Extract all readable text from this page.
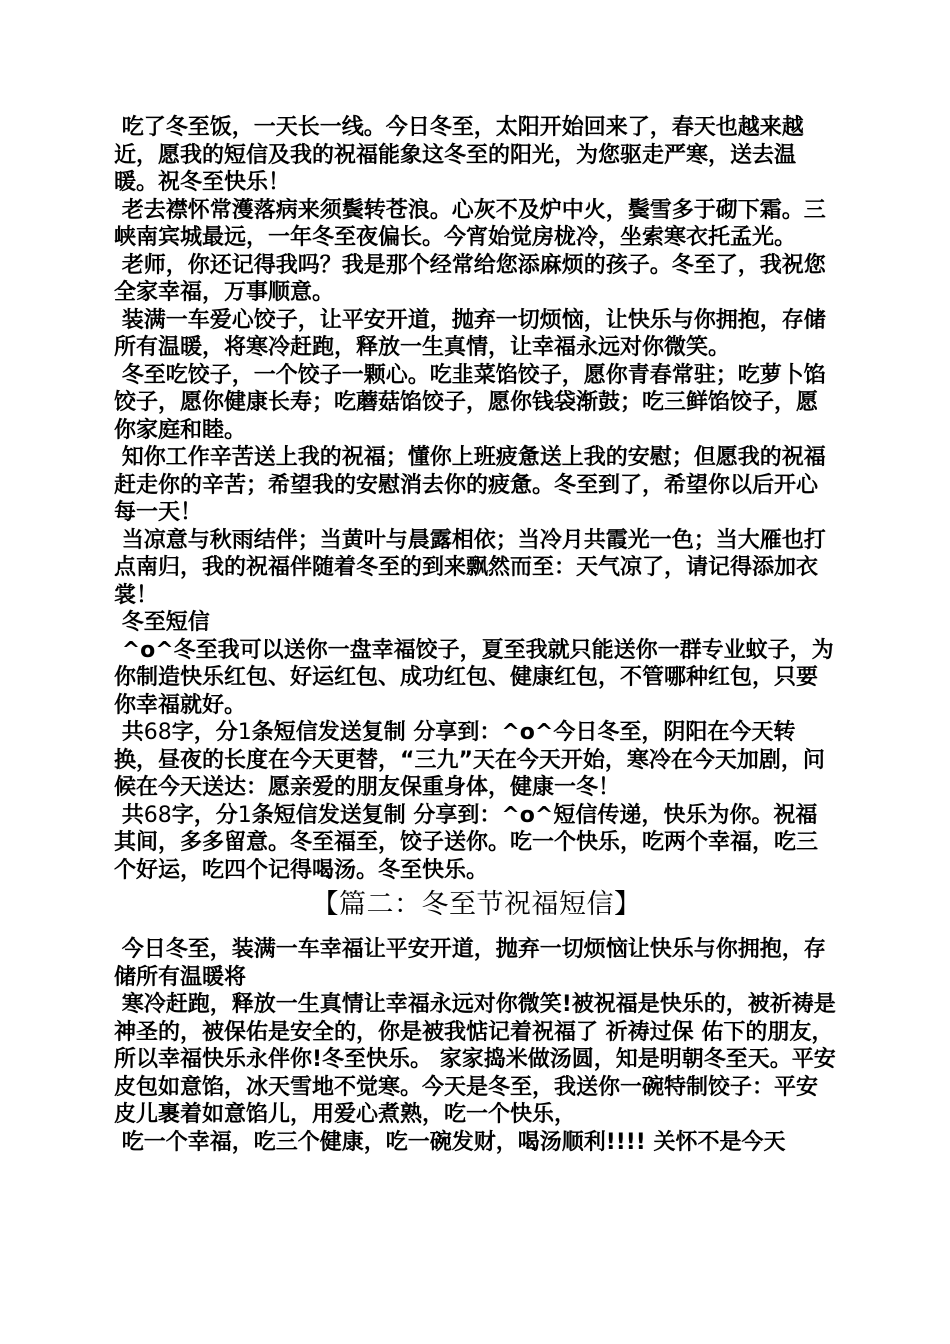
吃了冬至饭，一天长一线。今日冬至，太阳开始回来了，春天也越来越近，愿我的短信及我的祝福能象这冬至的阳光，为您驱走严寒，送去温暖。祝冬至快乐！

老去襟怀常濩落病来须鬓转苍浪。心灰不及炉中火，鬓雪多于砌下霜。三峡南宾城最远，一年冬至夜偏长。今宵始觉房栊冷，坐索寒衣托孟光。

老师，你还记得我吗？我是那个经常给您添麻烦的孩子。冬至了，我祝您全家幸福，万事顺意。

装满一车爱心饺子，让平安开道，抛弃一切烦恼，让快乐与你拥抱，存储所有温暖，将寒冷赶跑，释放一生真情，让幸福永远对你微笑。

冬至吃饺子，一个饺子一颗心。吃韭菜馅饺子，愿你青春常驻；吃萝卜馅饺子，愿你健康长寿；吃蘑菇馅饺子，愿你钱袋渐鼓；吃三鲜馅饺子，愿你家庭和睦。

知你工作辛苦送上我的祝福；懂你上班疲惫送上我的安慰；但愿我的祝福赶走你的辛苦；希望我的安慰消去你的疲惫。冬至到了，希望你以后开心每一天！

当凉意与秋雨结伴；当黄叶与晨露相依；当冷月共霞光一色；当大雁也打点南归，我的祝福伴随着冬至的到来飘然而至：天气凉了，请记得添加衣裳！

冬至短信

^o^冬至我可以送你一盘幸福饺子，夏至我就只能送你一群专业蚊子，为你制造快乐红包、好运红包、成功红包、健康红包，不管哪种红包，只要你幸福就好。

共68字，分1条短信发送复制 分享到：^o^今日冬至，阴阳在今天转换，昼夜的长度在今天更替，“三九”天在今天开始，寒冷在今天加剧，问候在今天送达：愿亲爱的朋友保重身体，健康一冬！

共68字，分1条短信发送复制 分享到：^o^短信传递，快乐为你。祝福其间，多多留意。冬至福至，饺子送你。吃一个快乐，吃两个幸福，吃三个好运，吃四个记得喝汤。冬至快乐。

【篇二：冬至节祝福短信】

今日冬至，装满一车幸福让平安开道，抛弃一切烦恼让快乐与你拥抱，存储所有温暖将

寒冷赶跑，释放一生真情让幸福永远对你微笑!被祝福是快乐的，被祈祷是神圣的，被保佑是安全的，你是被我惦记着祝福了 祈祷过保 佑下的朋友， 所以幸福快乐永伴你!冬至快乐。 家家捣米做汤圆，知是明朝冬至天。平安皮包如意馅，冰天雪地不觉寒。今天是冬至，我送你一碗特制饺子：平安皮儿裹着如意馅儿，用爱心煮熟，吃一个快乐，

吃一个幸福，吃三个健康，吃一碗发财，喝汤顺利!!!! 关怀不是今天
